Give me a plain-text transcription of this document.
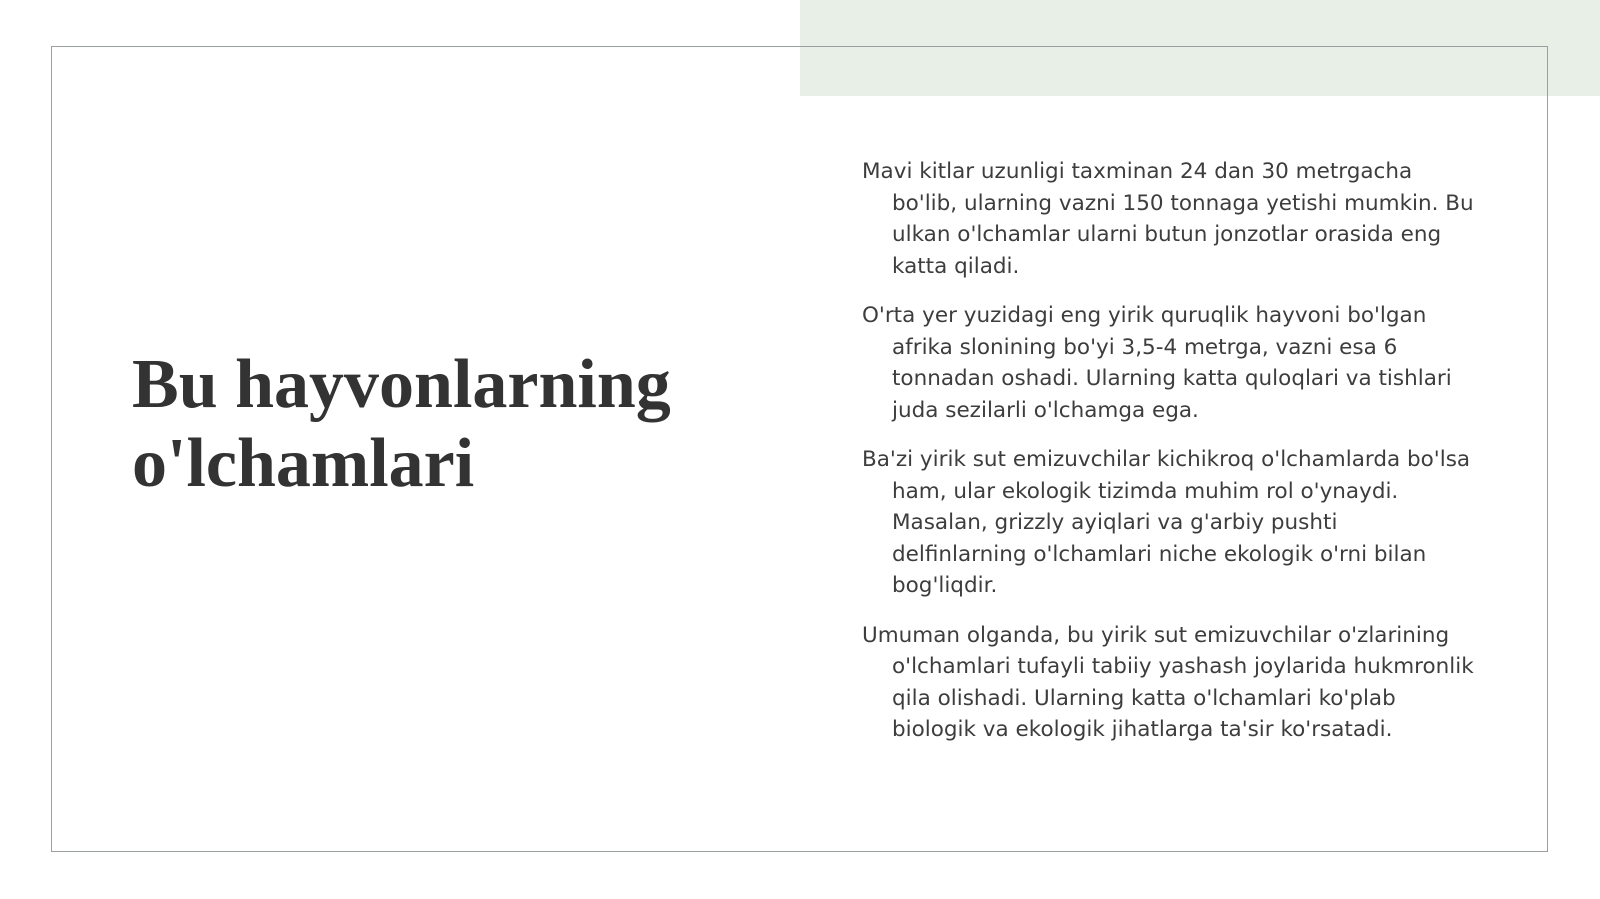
Bu hayvonlarning o'lchamlari

Mavi kitlar uzunligi taxminan 24 dan 30 metrgacha bo'lib, ularning vazni 150 tonnaga yetishi mumkin. Bu ulkan o'lchamlar ularni butun jonzotlar orasida eng katta qiladi.

O'rta yer yuzidagi eng yirik quruqlik hayvoni bo'lgan afrika slonining bo'yi 3,5-4 metrga, vazni esa 6 tonnadan oshadi. Ularning katta quloqlari va tishlari juda sezilarli o'lchamga ega.

Ba'zi yirik sut emizuvchilar kichikroq o'lchamlarda bo'lsa ham, ular ekologik tizimda muhim rol o'ynaydi. Masalan, grizzly ayiqlari va g'arbiy pushti delfinlarning o'lchamlari niche ekologik o'rni bilan bog'liqdir.

Umuman olganda, bu yirik sut emizuvchilar o'zlarining o'lchamlari tufayli tabiiy yashash joylarida hukmronlik qila olishadi. Ularning katta o'lchamlari ko'plab biologik va ekologik jihatlarga ta'sir ko'rsatadi.
